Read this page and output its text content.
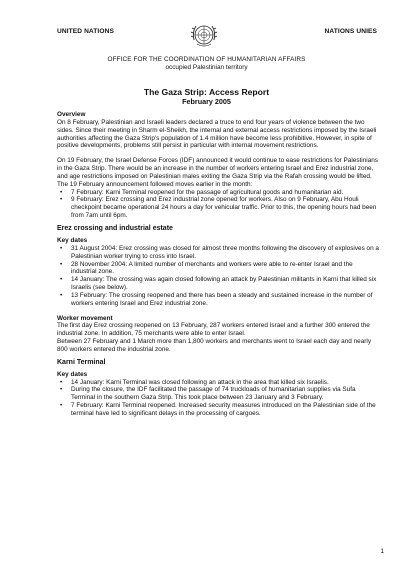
UNITED NATIONS	NATIONS UNIES
OFFICE FOR THE COORDINATION OF HUMANITARIAN AFFAIRS
occupied Palestinian territory
The Gaza Strip: Access Report
February 2005
Overview

On 8 February, Palestinian and Israeli leaders declared a truce to end four years of violence between the two sides. Since their meeting in Sharm el-Sheikh, the internal and external access restrictions imposed by the Israeli authorities affecting the Gaza Strip's population of 1.4 million have become less prohibitive. However, in spite of positive developments, problems still persist in particular with internal movement restrictions.

On 19 February, the Israel Defense Forces (IDF) announced it would continue to ease restrictions for Palestinians in the Gaza Strip. There would be an increase in the number of workers entering Israel and Erez industrial zone, and age restrictions imposed on Palestinian males exiting the Gaza Strip via the Rafah crossing would be lifted.

The 19 February announcement followed moves earlier in the month:

• 7 February: Karni Terminal reopened for the passage of agricultural goods and humanitarian aid.
• 9 February: Erez crossing and Erez industrial zone opened for workers. Also on 9 February, Abu Houli checkpoint became operational 24 hours a day for vehicular traffic. Prior to this, the opening hours had been from 7am until 6pm.
Erez crossing and industrial estate
Key dates
• 31 August 2004: Erez crossing was closed for almost three months following the discovery of explosives on a Palestinian worker trying to cross into Israel.
• 28 November 2004: A limited number of merchants and workers were able to re-enter Israel and the industrial zone.
• 14 January: The crossing was again closed following an attack by Palestinian militants in Karni that killed six Israelis (see below).
• 13 February: The crossing reopened and there has been a steady and sustained increase in the number of workers entering Israel and Erez industrial zone.
Worker movement

The first day Erez crossing reopened on 13 February, 287 workers entered Israel and a further 300 entered the industrial zone. In addition, 75 merchants were able to enter Israel.

Between 27 February and 1 March more than 1,800 workers and merchants went to Israel each day and nearly 800 workers entered the industrial zone.

Karni Terminal
Key dates
• 14 January: Karni Terminal was closed following an attack in the area that killed six Israelis.
• During the closure, the IDF facilitated the passage of 74 truckloads of humanitarian supplies via Sufa Terminal in the southern Gaza Strip. This took place between 23 January and 3 February.
• 7 February: Karni Terminal reopened. Increased security measures introduced on the Palestinian side of the terminal have led to significant delays in the processing of cargoes.
1
